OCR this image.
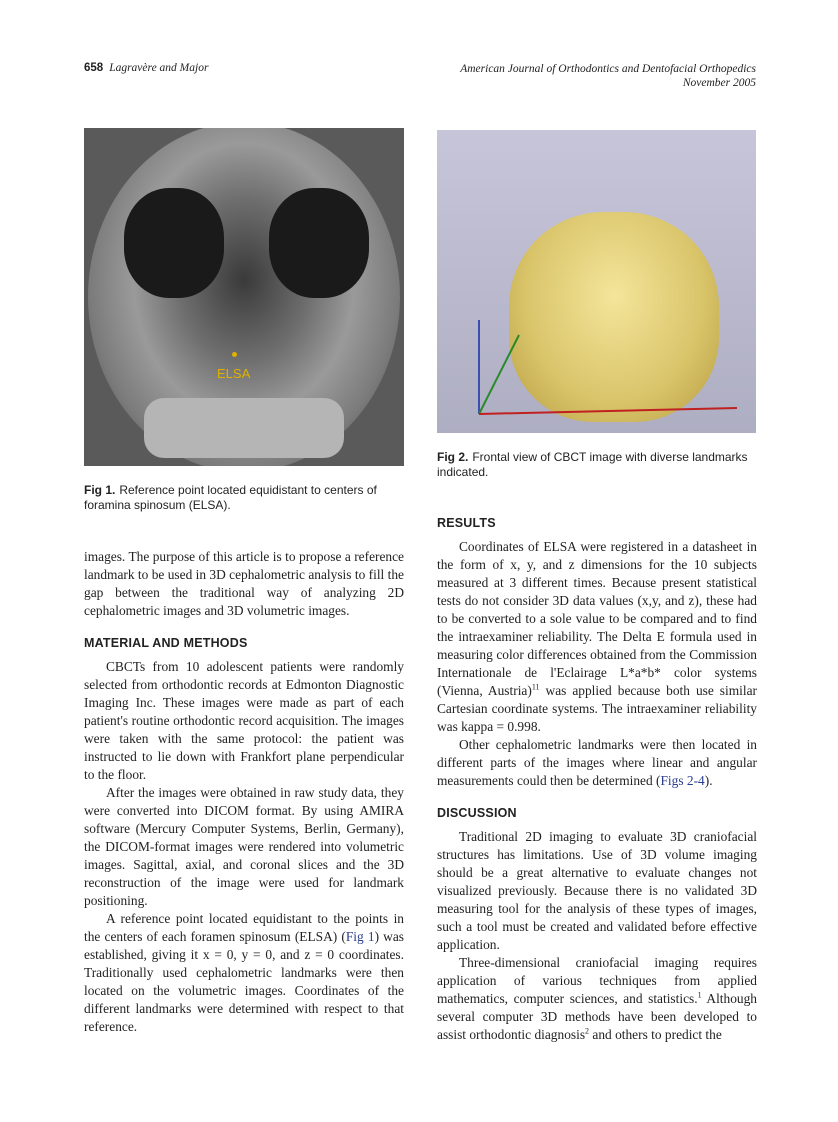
658 Lagravère and Major	American Journal of Orthodontics and Dentofacial Orthopedics
November 2005
ELSA
Fig 1. Reference point located equidistant to centers of foramina spinosum (ELSA).
Fig 2. Frontal view of CBCT image with diverse landmarks indicated.

images. The purpose of this article is to propose a reference landmark to be used in 3D cephalometric analysis to fill the gap between the traditional way of analyzing 2D cephalometric images and 3D volumetric images.

MATERIAL AND METHODS

CBCTs from 10 adolescent patients were randomly selected from orthodontic records at Edmonton Diagnostic Imaging Inc. These images were made as part of each patient's routine orthodontic record acquisition. The images were taken with the same protocol: the patient was instructed to lie down with Frankfort plane perpendicular to the floor.

After the images were obtained in raw study data, they were converted into DICOM format. By using AMIRA software (Mercury Computer Systems, Berlin, Germany), the DICOM-format images were rendered into volumetric images. Sagittal, axial, and coronal slices and the 3D reconstruction of the image were used for landmark positioning.

A reference point located equidistant to the points in the centers of each foramen spinosum (ELSA) (Fig 1) was established, giving it x = 0, y = 0, and z = 0 coordinates. Traditionally used cephalometric landmarks were then located on the volumetric images. Coordinates of the different landmarks were determined with respect to that reference.

RESULTS

Coordinates of ELSA were registered in a datasheet in the form of x, y, and z dimensions for the 10 subjects measured at 3 different times. Because present statistical tests do not consider 3D data values (x,y, and z), these had to be converted to a sole value to be compared and to find the intraexaminer reliability. The Delta E formula used in measuring color differences obtained from the Commission Internationale de l'Eclairage L*a*b* color systems (Vienna, Austria)$^{11}$ was applied because both use similar Cartesian coordinate systems. The intraexaminer reliability was kappa = 0.998.

Other cephalometric landmarks were then located in different parts of the images where linear and angular measurements could then be determined (Figs 2-4).

DISCUSSION

Traditional 2D imaging to evaluate 3D craniofacial structures has limitations. Use of 3D volume imaging should be a great alternative to evaluate changes not visualized previously. Because there is no validated 3D measuring tool for the analysis of these types of images, such a tool must be created and validated before effective application.

Three-dimensional craniofacial imaging requires application of various techniques from applied mathematics, computer sciences, and statistics.$^1$ Although several computer 3D methods have been developed to assist orthodontic diagnosis$^2$ and others to predict the
